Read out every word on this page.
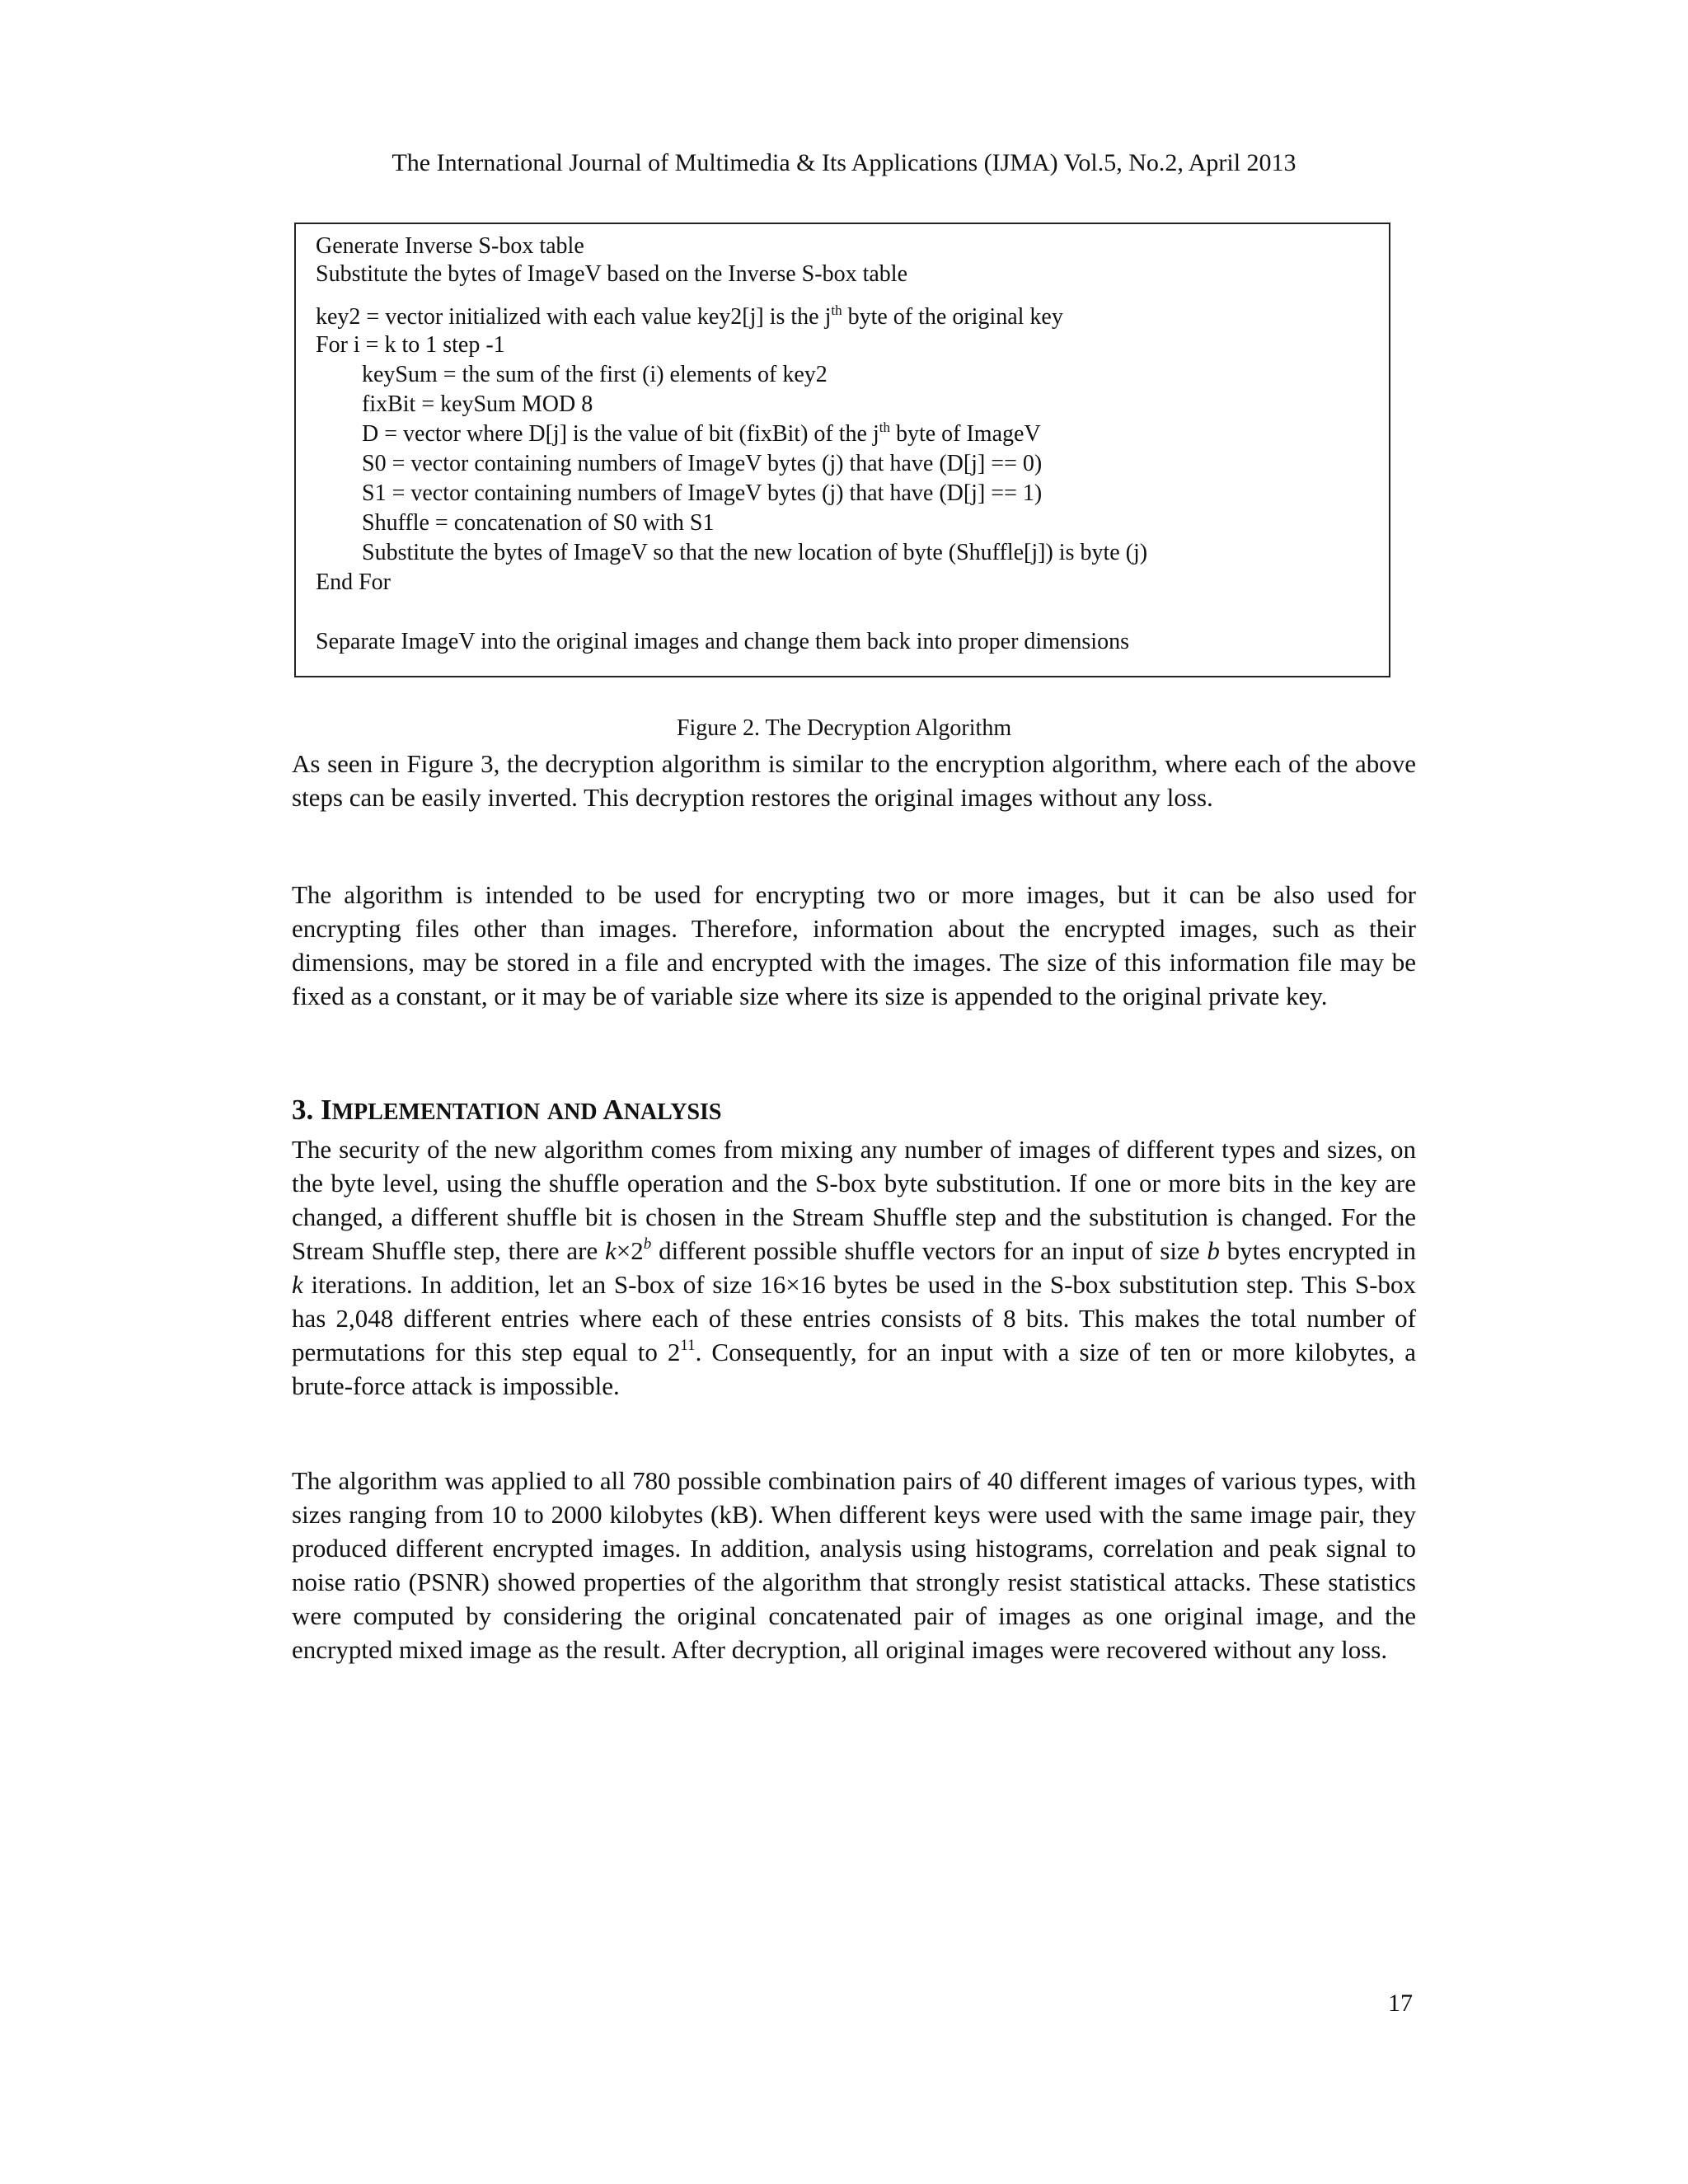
The International Journal of Multimedia & Its Applications (IJMA) Vol.5, No.2, April 2013
Generate Inverse S-box table
Substitute the bytes of ImageV based on the Inverse S-box table
key2 = vector initialized with each value key2[j] is the $j^{th}$ byte of the original key
For i = k to 1 step -1
keySum = the sum of the first (i) elements of key2
fixBit = keySum MOD 8
D = vector where D[j] is the value of bit (fixBit) of the $j^{th}$ byte of ImageV
S0 = vector containing numbers of ImageV bytes (j) that have (D[j] == 0)
S1 = vector containing numbers of ImageV bytes (j) that have (D[j] == 1)
Shuffle = concatenation of S0 with S1
Substitute the bytes of ImageV so that the new location of byte (Shuffle[j]) is byte (j)
End For
Separate ImageV into the original images and change them back into proper dimensions
Figure 2. The Decryption Algorithm

As seen in Figure 3, the decryption algorithm is similar to the encryption algorithm, where each of the above steps can be easily inverted. This decryption restores the original images without any loss.

The algorithm is intended to be used for encrypting two or more images, but it can be also used for encrypting files other than images. Therefore, information about the encrypted images, such as their dimensions, may be stored in a file and encrypted with the images. The size of this information file may be fixed as a constant, or it may be of variable size where its size is appended to the original private key.

3. IMPLEMENTATION AND ANALYSIS

The security of the new algorithm comes from mixing any number of images of different types and sizes, on the byte level, using the shuffle operation and the S-box byte substitution. If one or more bits in the key are changed, a different shuffle bit is chosen in the Stream Shuffle step and the substitution is changed. For the Stream Shuffle step, there are $k\times 2^b$ different possible shuffle vectors for an input of size b bytes encrypted in k iterations. In addition, let an S-box of size 16×16 bytes be used in the S-box substitution step. This S-box has 2,048 different entries where each of these entries consists of 8 bits. This makes the total number of permutations for this step equal to $2^{11}$. Consequently, for an input with a size of ten or more kilobytes, a brute-force attack is impossible.

The algorithm was applied to all 780 possible combination pairs of 40 different images of various types, with sizes ranging from 10 to 2000 kilobytes (kB). When different keys were used with the same image pair, they produced different encrypted images. In addition, analysis using histograms, correlation and peak signal to noise ratio (PSNR) showed properties of the algorithm that strongly resist statistical attacks. These statistics were computed by considering the original concatenated pair of images as one original image, and the encrypted mixed image as the result. After decryption, all original images were recovered without any loss.

17
